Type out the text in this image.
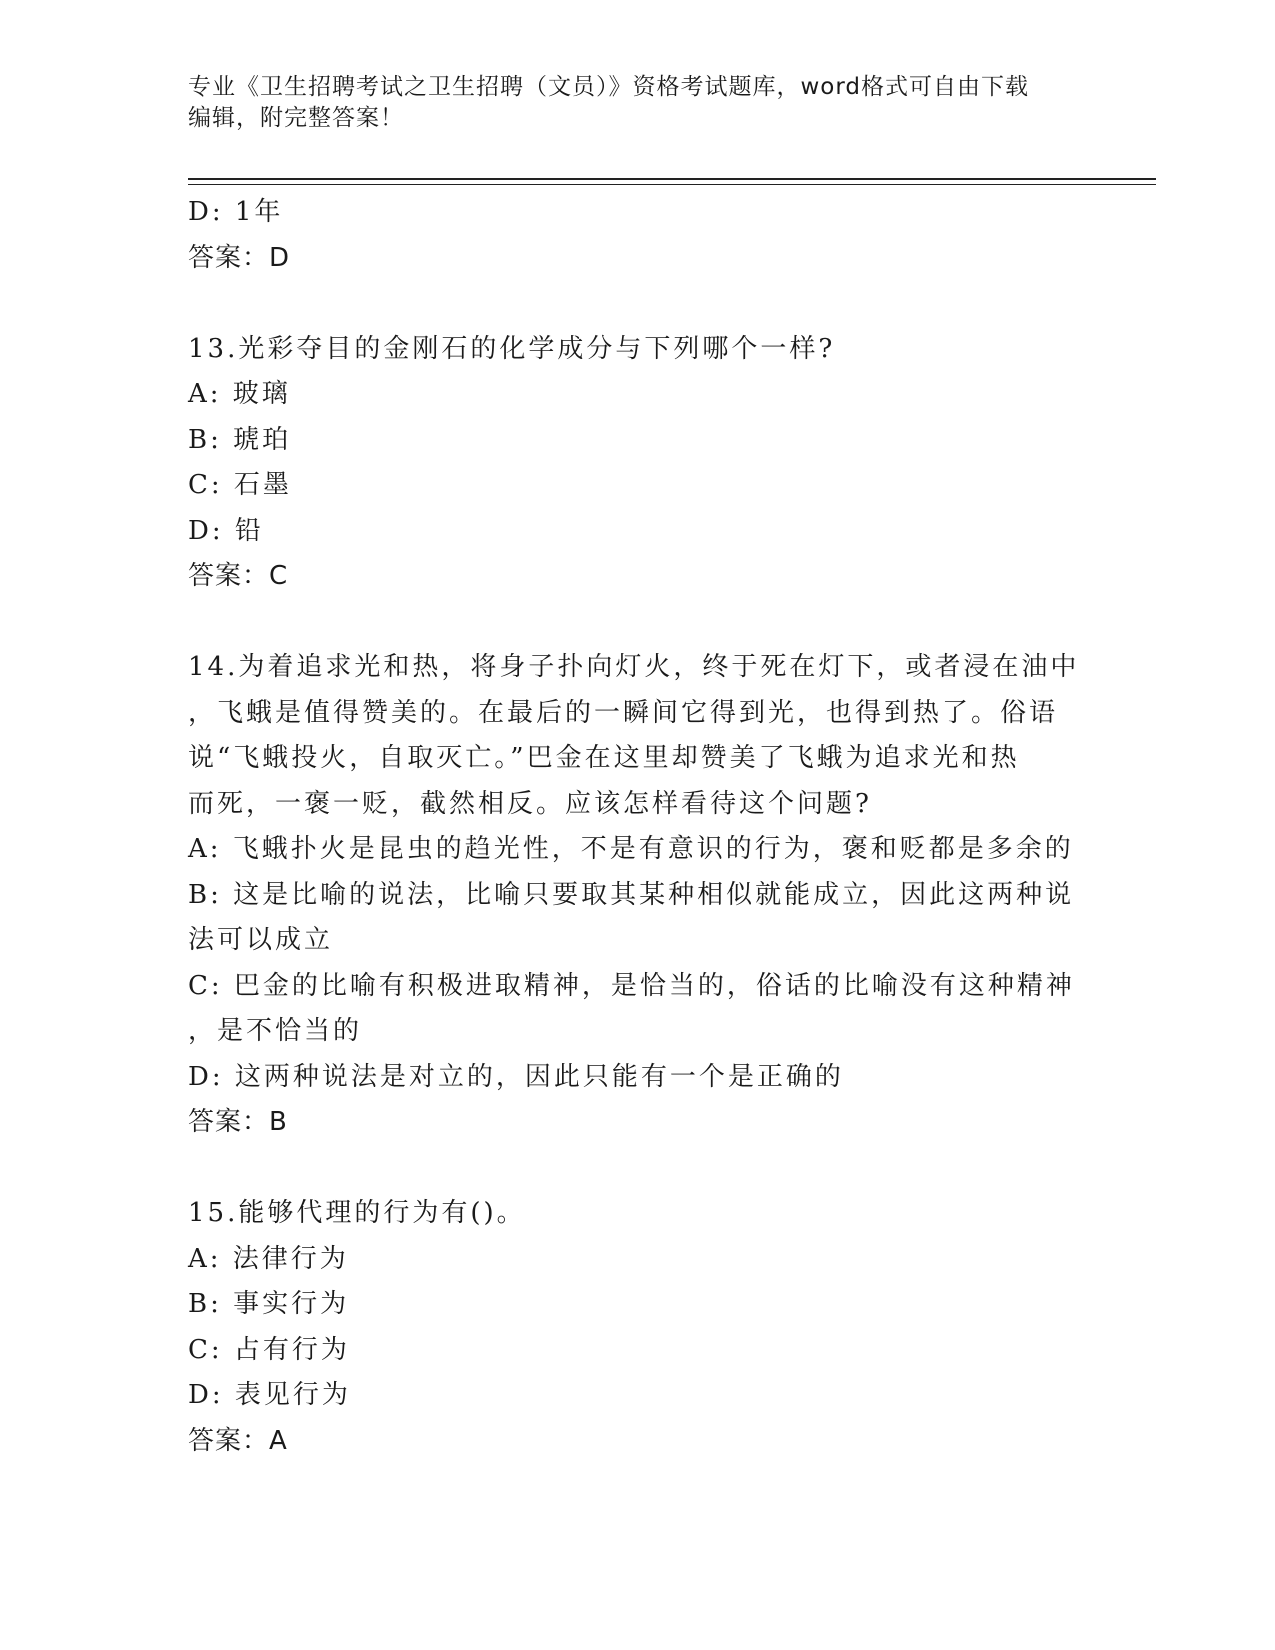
专业《卫生招聘考试之卫生招聘（文员）》资格考试题库，word格式可自由下载
编辑，附完整答案！
D: 1年
答案：D
13.光彩夺目的金刚石的化学成分与下列哪个一样?
A: 玻璃
B: 琥珀
C: 石墨
D: 铅
答案：C
14.为着追求光和热，将身子扑向灯火，终于死在灯下，或者浸在油中
，飞蛾是值得赞美的。在最后的一瞬间它得到光，也得到热了。俗语
说“飞蛾投火，自取灭亡。”巴金在这里却赞美了飞蛾为追求光和热
而死，一褒一贬，截然相反。应该怎样看待这个问题?
A: 飞蛾扑火是昆虫的趋光性，不是有意识的行为，褒和贬都是多余的
B: 这是比喻的说法，比喻只要取其某种相似就能成立，因此这两种说
法可以成立
C: 巴金的比喻有积极进取精神，是恰当的，俗话的比喻没有这种精神
，是不恰当的
D: 这两种说法是对立的，因此只能有一个是正确的
答案：B
15.能够代理的行为有()。
A: 法律行为
B: 事实行为
C: 占有行为
D: 表见行为
答案：A
